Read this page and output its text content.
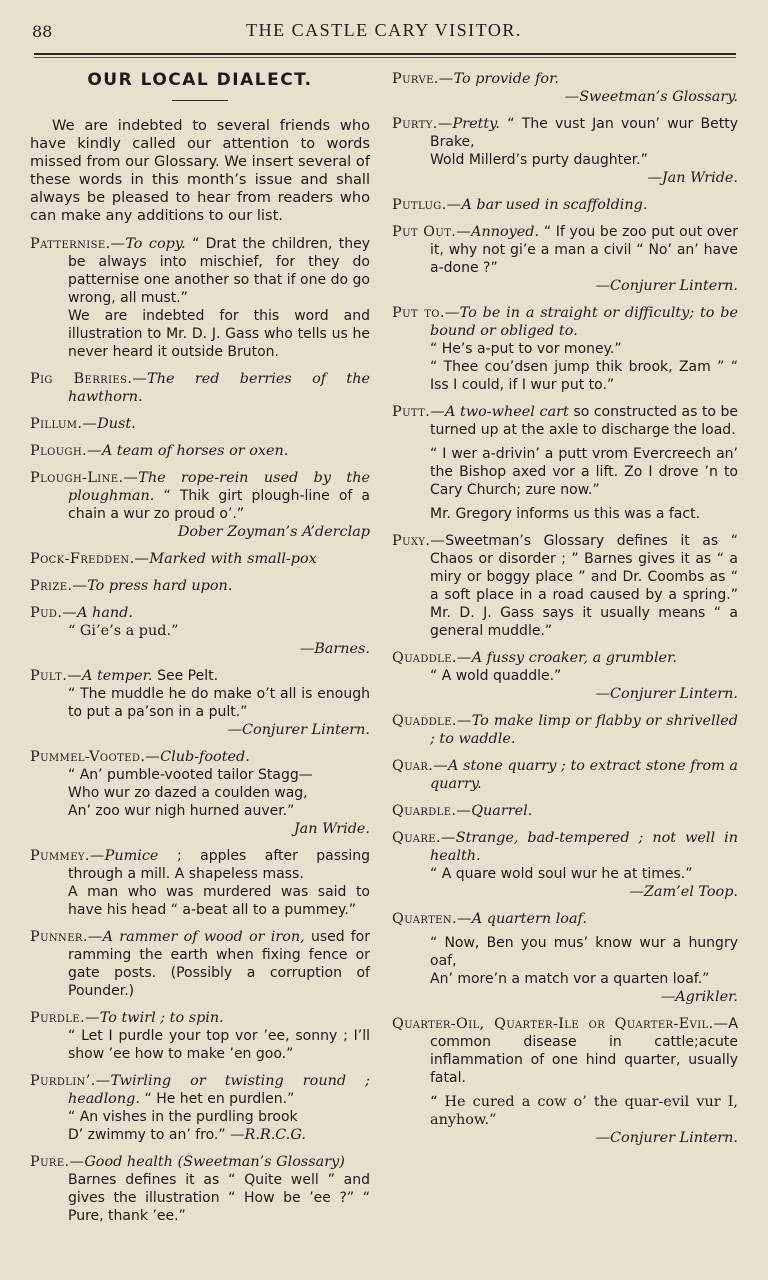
88	THE CASTLE CARY VISITOR.
OUR LOCAL DIALECT.
We are indebted to several friends who have kindly called our attention to words missed from our Glossary. We insert several of these words in this month’s issue and shall always be pleased to hear from readers who can make any additions to our list.
Patternise.—To copy. “ Drat the children, they be always into mischief, for they do patternise one another so that if one do go wrong, all must.”
We are indebted for this word and illustration to Mr. D. J. Gass who tells us he never heard it outside Bruton.
Pig Berries.—The red berries of the hawthorn.
Pillum.—Dust.
Plough.—A team of horses or oxen.
Plough-Line.—The rope-rein used by the ploughman. “ Thik girt plough-line of a chain a wur zo proud o’.”
Dober Zoyman’s A’derclap
Pock-Fredden.—Marked with small-pox
Prize.—To press hard upon.
Pud.—A hand.
“ Gi’e’s a pud.”
—Barnes.
Pult.—A temper. See Pelt.
“ The muddle he do make o’t all is enough to put a pa’son in a pult.”
—Conjurer Lintern.
Pummel-Vooted.—Club-footed.
“ An’ pumble-vooted tailor Stagg—
Who wur zo dazed a coulden wag,
An’ zoo wur nigh hurned auver.”
Jan Wride.
Pummey.—Pumice ; apples after passing through a mill. A shapeless mass.
A man who was murdered was said to have his head “ a-beat all to a pummey.”
Punner.—A rammer of wood or iron, used for ramming the earth when fixing fence or gate posts. (Possibly a corruption of Pounder.)
Purdle.—To twirl ; to spin.
“ Let I purdle your top vor ’ee, sonny ; I’ll show ’ee how to make ’en goo.”
Purdlin’.—Twirling or twisting round ; headlong. “ He het en purdlen.”
“ An vishes in the purdling brook
D’ zwimmy to an’ fro.” —R.R.C.G.
Pure.—Good health (Sweetman’s Glossary)
Barnes defines it as “ Quite well ” and gives the illustration “ How be ’ee ?” “ Pure, thank ’ee.”
Purve.—To provide for.
—Sweetman’s Glossary.
Purty.—Pretty. “ The vust Jan voun’ wur Betty Brake,
Wold Millerd’s purty daughter.”
—Jan Wride.
Putlug.—A bar used in scaffolding.
Put Out.—Annoyed. “ If you be zoo put out over it, why not gi’e a man a civil “ No’ an’ have a-done ?”
—Conjurer Lintern.
Put to.—To be in a straight or difficulty; to be bound or obliged to.
“ He’s a-put to vor money.”
“ Thee cou’dsen jump thik brook, Zam ” “ Iss I could, if I wur put to.”
Putt.—A two-wheel cart so constructed as to be turned up at the axle to discharge the load.
“ I wer a-drivin’ a putt vrom Evercreech an’ the Bishop axed vor a lift. Zo I drove ’n to Cary Church; zure now.”
Mr. Gregory informs us this was a fact.
Puxy.—Sweetman’s Glossary defines it as “ Chaos or disorder ; ” Barnes gives it as “ a miry or boggy place ” and Dr. Coombs as “ a soft place in a road caused by a spring.” Mr. D. J. Gass says it usually means “ a general muddle.”
Quaddle.—A fussy croaker, a grumbler.
“ A wold quaddle.”
—Conjurer Lintern.
Quaddle.—To make limp or flabby or shrivelled ; to waddle.
Quar.—A stone quarry ; to extract stone from a quarry.
Quardle.—Quarrel.
Quare.—Strange, bad-tempered ; not well in health.
“ A quare wold soul wur he at times.”
—Zam’el Toop.
Quarten.—A quartern loaf.
“ Now, Ben you mus’ know wur a hungry oaf,
An’ more’n a match vor a quarten loaf.”
—Agrikler.
Quarter-Oil, Quarter-Ile or Quarter-Evil.—A common disease in cattle;acute inflammation of one hind quarter, usually fatal.
“ He cured a cow o’ the quar-evil vur I, anyhow.”
—Conjurer Lintern.
